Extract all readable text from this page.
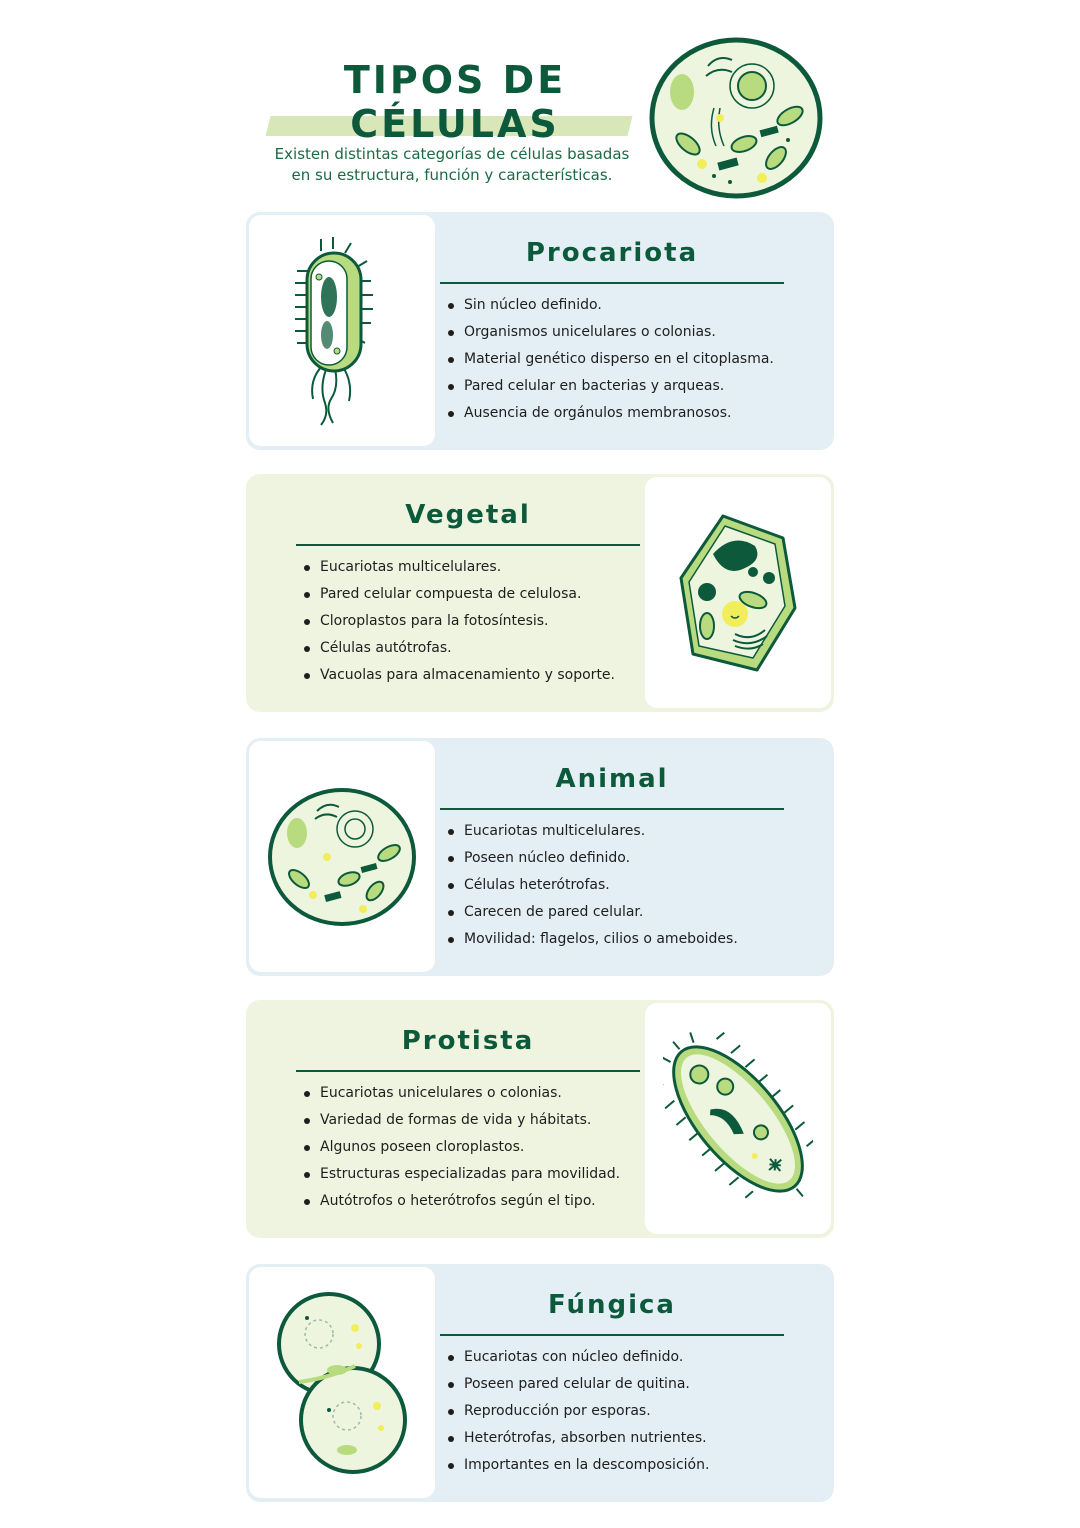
TIPOS DE CÉLULAS

Existen distintas categorías de células basadas
en su estructura, función y características.

Procariota
Sin núcleo definido.
Organismos unicelulares o colonias.
Material genético disperso en el citoplasma.
Pared celular en bacterias y arqueas.
Ausencia de orgánulos membranosos.
Vegetal
Eucariotas multicelulares.
Pared celular compuesta de celulosa.
Cloroplastos para la fotosíntesis.
Células autótrofas.
Vacuolas para almacenamiento y soporte.
Animal
Eucariotas multicelulares.
Poseen núcleo definido.
Células heterótrofas.
Carecen de pared celular.
Movilidad: flagelos, cilios o ameboides.
Protista
Eucariotas unicelulares o colonias.
Variedad de formas de vida y hábitats.
Algunos poseen cloroplastos.
Estructuras especializadas para movilidad.
Autótrofos o heterótrofos según el tipo.
Fúngica
Eucariotas con núcleo definido.
Poseen pared celular de quitina.
Reproducción por esporas.
Heterótrofas, absorben nutrientes.
Importantes en la descomposición.
